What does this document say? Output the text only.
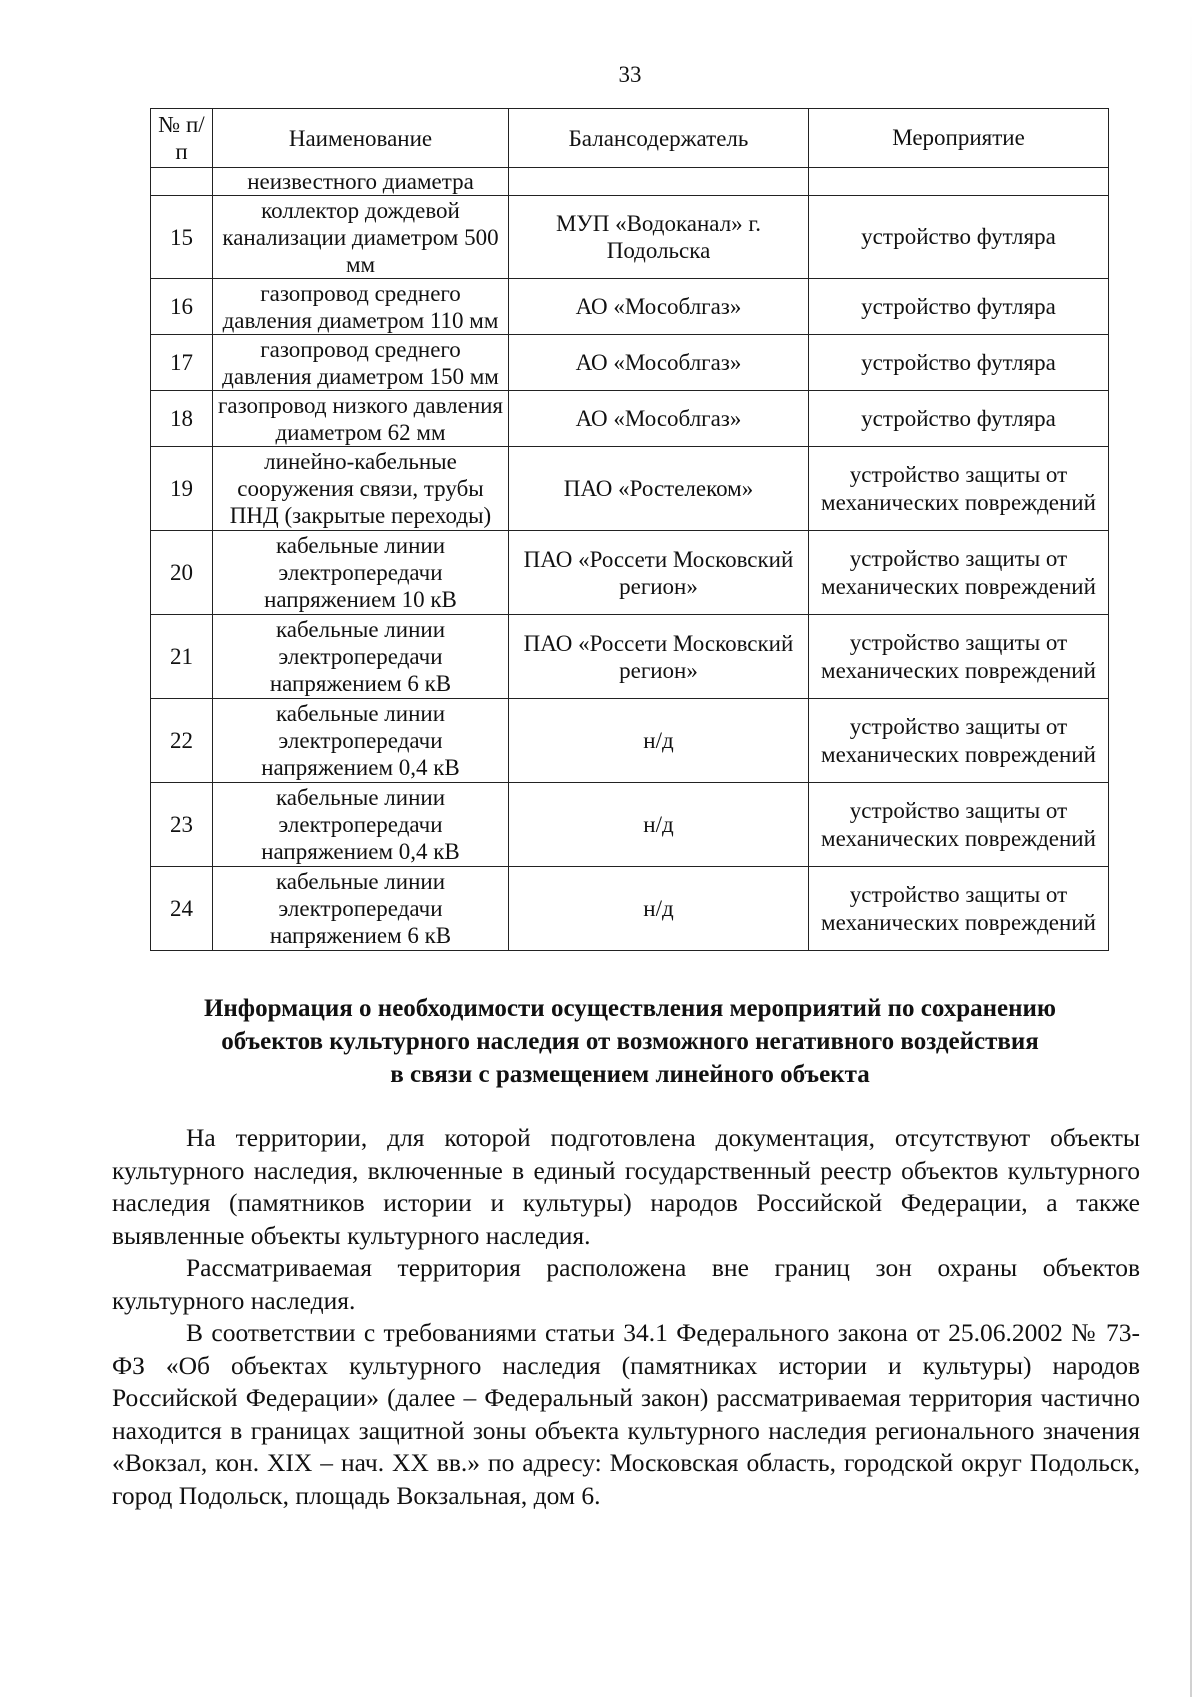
33
№ п/п	Наименование	Балансодержатель	Мероприятие
	неизвестного диаметра		
15	коллектор дождевой канализации диаметром 500 мм	МУП «Водоканал» г. Подольска	устройство футляра
16	газопровод среднего давления диаметром 110 мм	АО «Мособлгаз»	устройство футляра
17	газопровод среднего давления диаметром 150 мм	АО «Мособлгаз»	устройство футляра
18	газопровод низкого давления диаметром 62 мм	АО «Мособлгаз»	устройство футляра
19	линейно-кабельные сооружения связи, трубы ПНД (закрытые переходы)	ПАО «Ростелеком»	устройство защиты от механических повреждений
20	кабельные линии электропередачи напряжением 10 кВ	ПАО «Россети Московский регион»	устройство защиты от механических повреждений
21	кабельные линии электропередачи напряжением 6 кВ	ПАО «Россети Московский регион»	устройство защиты от механических повреждений
22	кабельные линии электропередачи напряжением 0,4 кВ	н/д	устройство защиты от механических повреждений
23	кабельные линии электропередачи напряжением 0,4 кВ	н/д	устройство защиты от механических повреждений
24	кабельные линии электропередачи напряжением 6 кВ	н/д	устройство защиты от механических повреждений
Информация о необходимости осуществления мероприятий по сохранению
объектов культурного наследия от возможного негативного воздействия
в связи с размещением линейного объекта

На территории, для которой подготовлена документация, отсутствуют объекты культурного наследия, включенные в единый государственный реестр объектов культурного наследия (памятников истории и культуры) народов Российской Федерации, а также выявленные объекты культурного наследия.

Рассматриваемая территория расположена вне границ зон охраны объектов культурного наследия.

В соответствии с требованиями статьи 34.1 Федерального закона от 25.06.2002 № 73-ФЗ «Об объектах культурного наследия (памятниках истории и культуры) народов Российской Федерации» (далее – Федеральный закон) рассматриваемая территория частично находится в границах защитной зоны объекта культурного наследия регионального значения «Вокзал, кон. XIX – нач. XX вв.» по адресу: Московская область, городской округ Подольск, город Подольск, площадь Вокзальная, дом 6.
